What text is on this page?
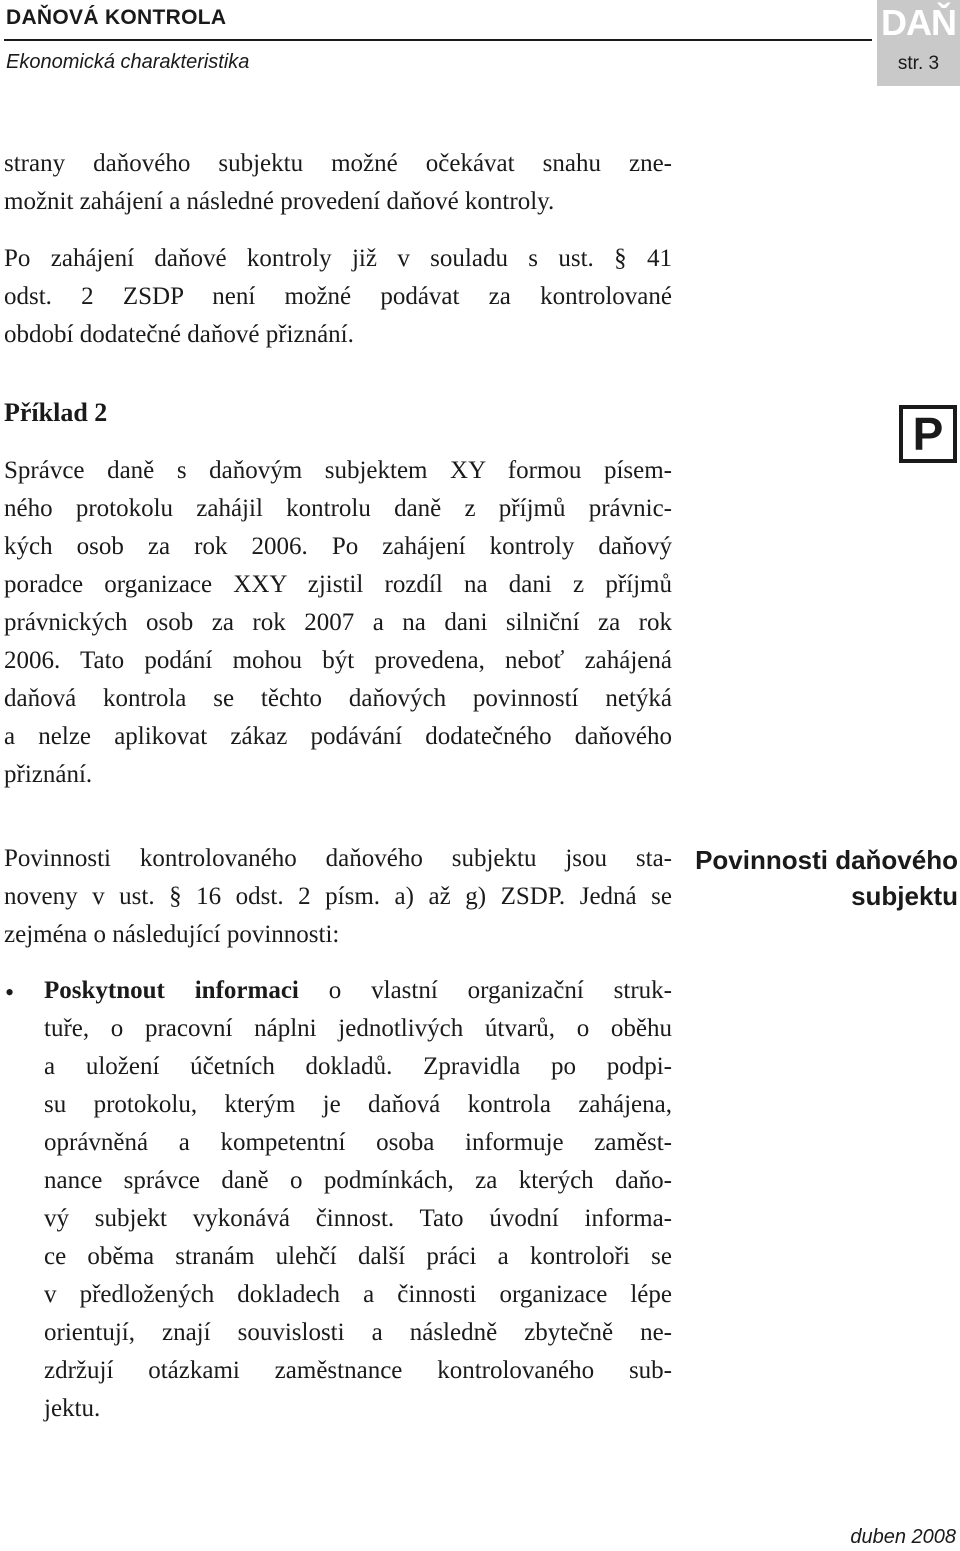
DAŇOVÁ KONTROLA
Ekonomická charakteristika
DAŇ
str. 3
strany daňového subjektu možné očekávat snahu zne-
možnit zahájení a následné provedení daňové kontroly.
Po zahájení daňové kontroly již v souladu s ust. § 41
odst. 2 ZSDP není možné podávat za kontrolované
období dodatečné daňové přiznání.
Příklad 2	P
Správce daně s daňovým subjektem XY formou písem-
ného protokolu zahájil kontrolu daně z příjmů právnic-
kých osob za rok 2006. Po zahájení kontroly daňový
poradce organizace XXY zjistil rozdíl na dani z příjmů
právnických osob za rok 2007 a na dani silniční za rok
2006. Tato podání mohou být provedena, neboť zahájená
daňová kontrola se těchto daňových povinností netýká
a nelze aplikovat zákaz podávání dodatečného daňového
přiznání.
Povinnosti kontrolovaného daňového subjektu jsou sta-
noveny v ust. § 16 odst. 2 písm. a) až g) ZSDP. Jedná se
zejména o následující povinnosti:
Povinnosti daňového
subjektu
• Poskytnout informaci o vlastní organizační struk-
tuře, o pracovní náplni jednotlivých útvarů, o oběhu
a uložení účetních dokladů. Zpravidla po podpi-
su protokolu, kterým je daňová kontrola zahájena,
oprávněná a kompetentní osoba informuje zaměst-
nance správce daně o podmínkách, za kterých daňo-
vý subjekt vykonává činnost. Tato úvodní informa-
ce oběma stranám ulehčí další práci a kontroloři se
v předložených dokladech a činnosti organizace lépe
orientují, znají souvislosti a následně zbytečně ne-
zdržují otázkami zaměstnance kontrolovaného sub-
jektu.
duben 2008
